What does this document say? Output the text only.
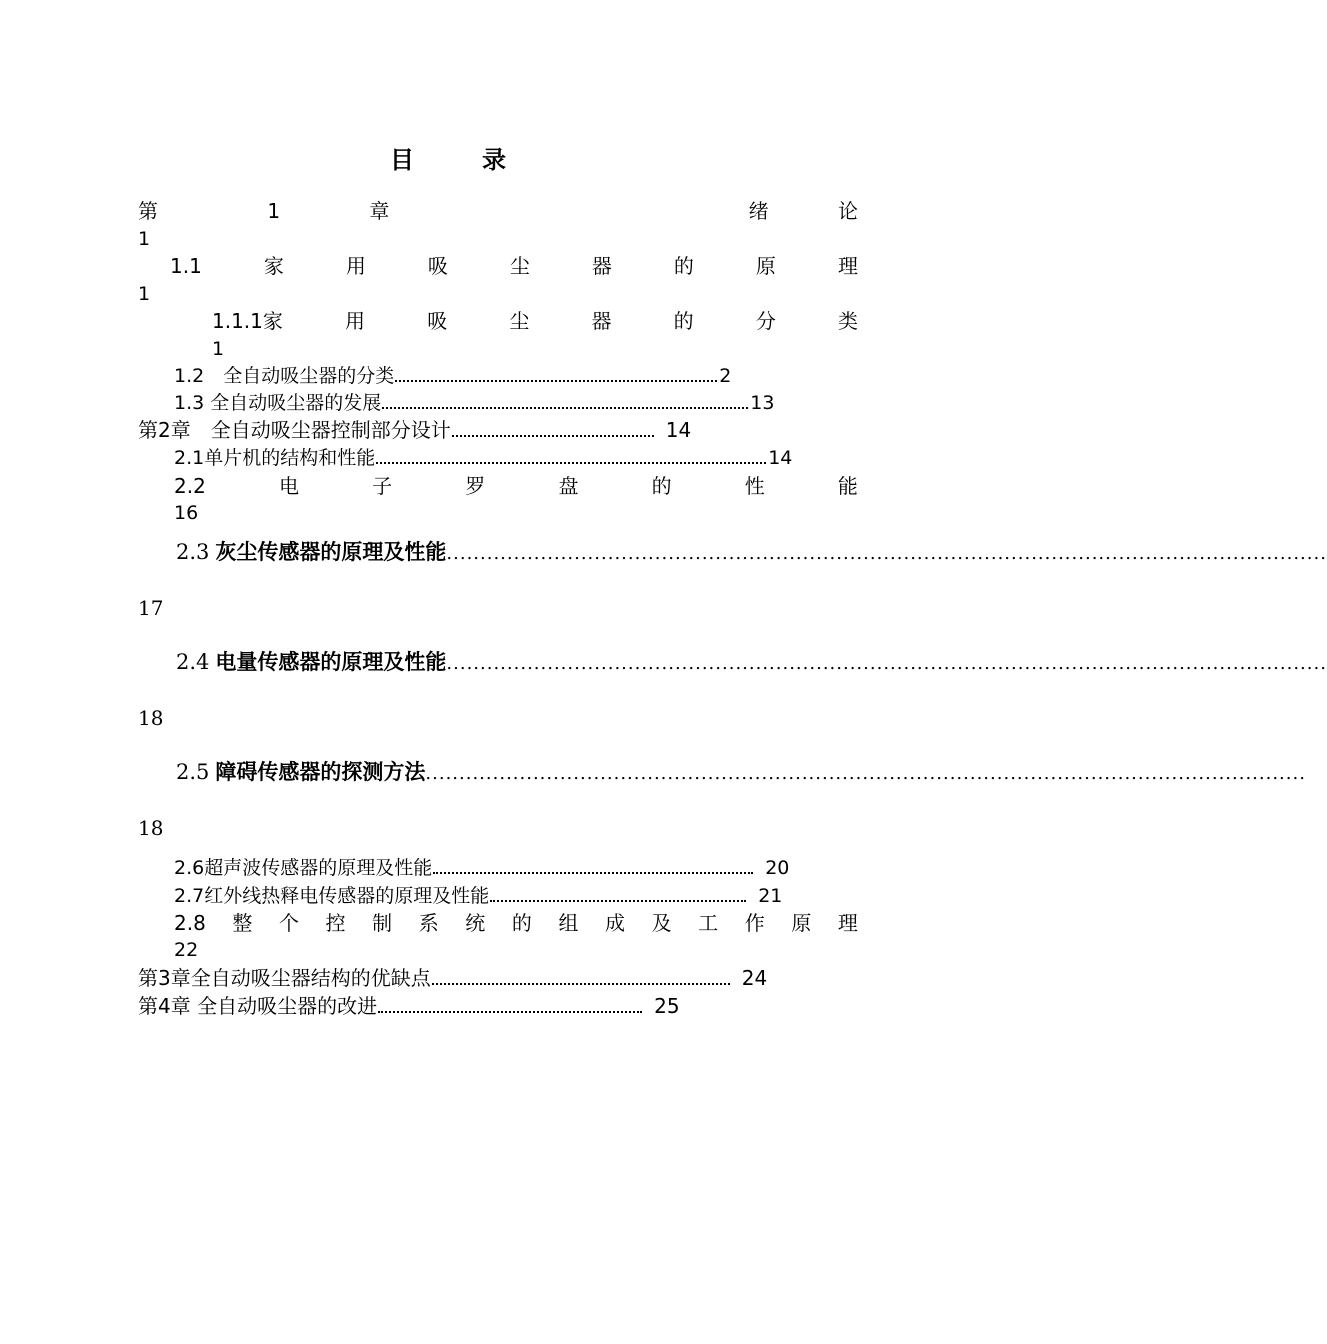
目　录
第	1	章	绪	论
1
1.1	家	用	吸	尘	器	的	原	理
1
1.1.1家	用	吸	尘	器	的	分	类
1
1.2　全自动吸尘器的分类	2
1.3 全自动吸尘器的发展	13
第2章　全自动吸尘器控制部分设计	14
2.1单片机的结构和性能	14
2.2	电	子	罗	盘	的	性	能
16
2.3 灰尘传感器的原理及性能 ...................................................................................................................................
17
2.4 电量传感器的原理及性能 ...................................................................................................................................
18
2.5 障碍传感器的探测方法 ...................................................................................................................................
18
2.6超声波传感器的原理及性能	20
2.7红外线热释电传感器的原理及性能	21
2.8 整 个 控 制 系 统 的 组 成 及 工 作 原 理
22
第3章全自动吸尘器结构的优缺点	24
第4章 全自动吸尘器的改进	25
